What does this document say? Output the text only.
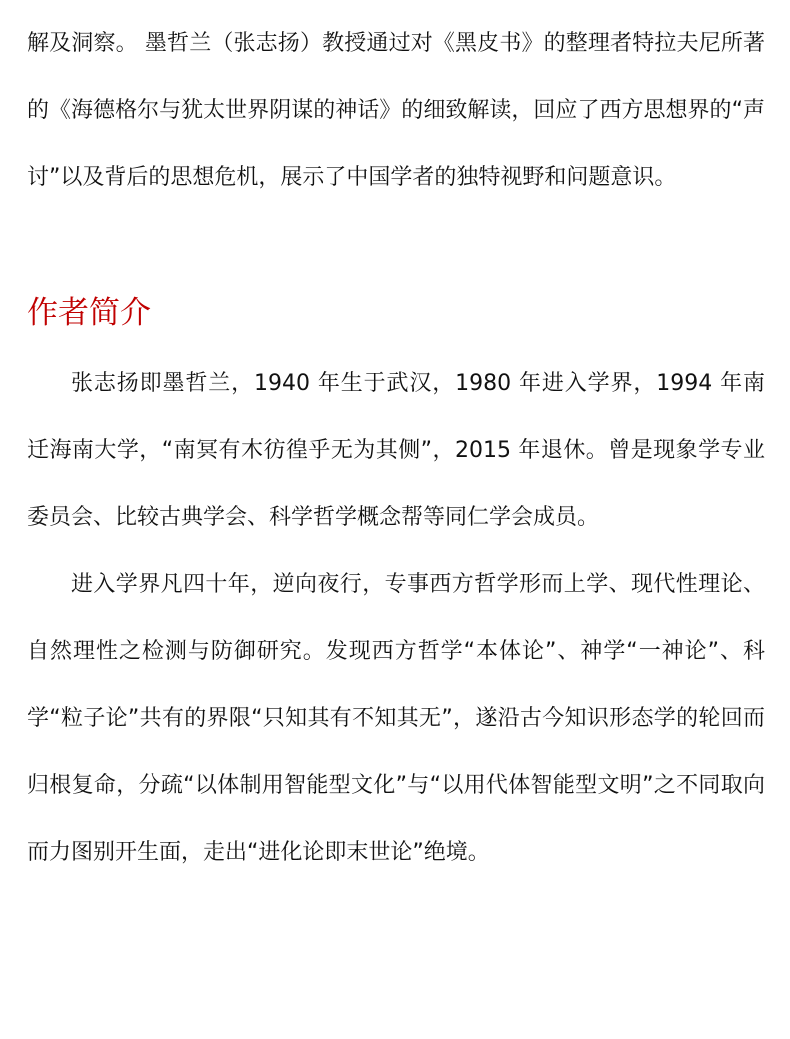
解及洞察。 墨哲兰（张志扬）教授通过对《黑皮书》的整理者特拉夫尼所著的《海德格尔与犹太世界阴谋的神话》的细致解读，回应了西方思想界的“声讨”以及背后的思想危机，展示了中国学者的独特视野和问题意识。

作者简介

张志扬即墨哲兰，1940 年生于武汉，1980 年进入学界，1994 年南迁海南大学，“南冥有木彷徨乎无为其侧”，2015 年退休。曾是现象学专业委员会、比较古典学会、科学哲学概念帮等同仁学会成员。

进入学界凡四十年，逆向夜行，专事西方哲学形而上学、现代性理论、自然理性之检测与防御研究。发现西方哲学“本体论”、神学“一神论”、科学“粒子论”共有的界限“只知其有不知其无”，遂沿古今知识形态学的轮回而归根复命，分疏“以体制用智能型文化”与“以用代体智能型文明”之不同取向而力图别开生面，走出“进化论即末世论”绝境。
